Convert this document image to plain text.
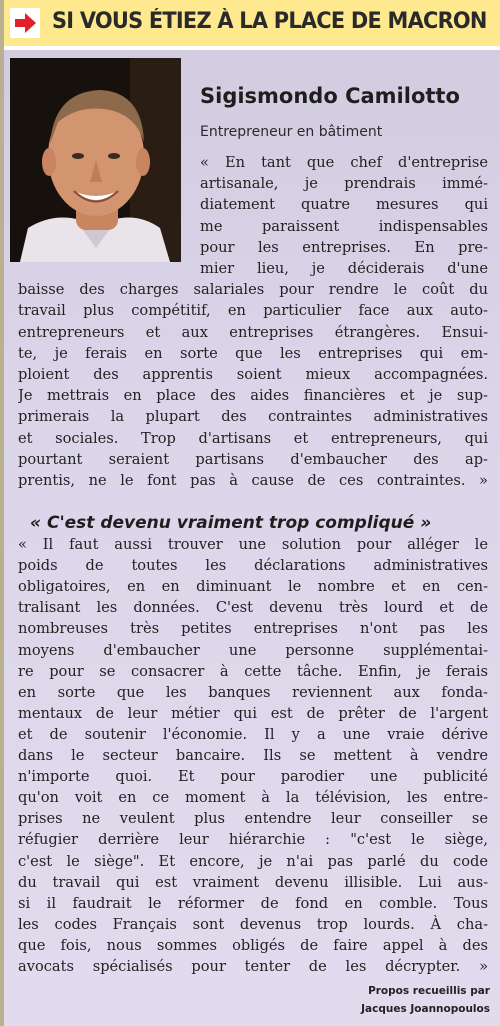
SI VOUS ÉTIEZ À LA PLACE DE MACRON
Sigismondo Camilotto
Entrepreneur en bâtiment
« En tant que chef d'entreprise
artisanale, je prendrais immé-
diatement quatre mesures qui
me paraissent indispensables
pour les entreprises. En pre-
mier lieu, je déciderais d'une
baisse des charges salariales pour rendre le coût du
travail plus compétitif, en particulier face aux auto-
entrepreneurs et aux entreprises étrangères. Ensui-
te, je ferais en sorte que les entreprises qui em-
ploient des apprentis soient mieux accompagnées.
Je mettrais en place des aides financières et je sup-
primerais la plupart des contraintes administratives
et sociales. Trop d'artisans et entrepreneurs, qui
pourtant seraient partisans d'embaucher des ap-
prentis, ne le font pas à cause de ces contraintes. »
« C'est devenu vraiment trop compliqué »
« Il faut aussi trouver une solution pour alléger le
poids de toutes les déclarations administratives
obligatoires, en en diminuant le nombre et en cen-
tralisant les données. C'est devenu très lourd et de
nombreuses très petites entreprises n'ont pas les
moyens d'embaucher une personne supplémentai-
re pour se consacrer à cette tâche. Enfin, je ferais
en sorte que les banques reviennent aux fonda-
mentaux de leur métier qui est de prêter de l'argent
et de soutenir l'économie. Il y a une vraie dérive
dans le secteur bancaire. Ils se mettent à vendre
n'importe quoi. Et pour parodier une publicité
qu'on voit en ce moment à la télévision, les entre-
prises ne veulent plus entendre leur conseiller se
réfugier derrière leur hiérarchie : "c'est le siège,
c'est le siège". Et encore, je n'ai pas parlé du code
du travail qui est vraiment devenu illisible. Lui aus-
si il faudrait le réformer de fond en comble. Tous
les codes Français sont devenus trop lourds. À cha-
que fois, nous sommes obligés de faire appel à des
avocats spécialisés pour tenter de les décrypter. »
Propos recueillis par
Jacques Joannopoulos
